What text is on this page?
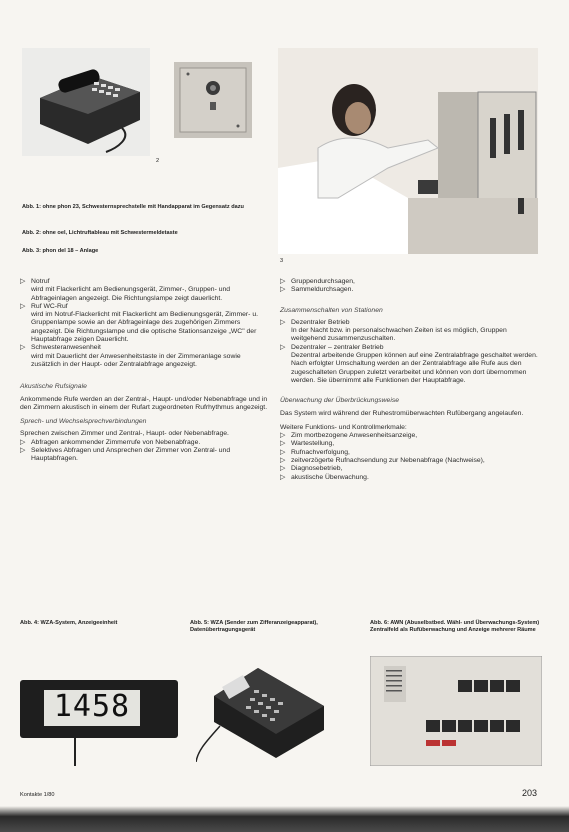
2
3
Abb. 1: ohne phon 23, Schwesternsprechstelle mit Handapparat im Gegensatz dazu
Abb. 2: ohne oel, Lichtruftableau mit Schwestermeldetaste
Abb. 3: phon del 18 – Anlage
▷ Notruf

wird mit Flackerlicht am Bedienungsgerät, Zimmer-, Gruppen- und Abfrageinlagen angezeigt. Die Richtungslampe zeigt dauerlicht.

▷ Ruf WC-Ruf

wird im Notruf-Flackerlicht mit Flackerlicht am Bedienungsgerät, Zimmer- u. Gruppenlampe sowie an der Abfrageinlage des zugehörigen Zimmers angezeigt. Die Richtungslampe und die optische Stationsanzeige „WC" der Hauptabfrage zeigen Dauerlicht.

▷ Schwesteranwesenheit

wird mit Dauerlicht der Anwesenheitstaste in der Zimmeranlage sowie zusätzlich in der Haupt- oder Zentralabfrage angezeigt.

Akustische Rufsignale

Ankommende Rufe werden an der Zentral-, Haupt- und/oder Nebenabfrage und in den Zimmern akustisch in einem der Rufart zugeordneten Rufrhythmus angezeigt.

Sprech- und Wechselsprechverbindungen

Sprechen zwischen Zimmer und Zentral-, Haupt- oder Nebenabfrage.

▷ Abfragen ankommender Zimmerrufe von Nebenabfrage.
▷ Selektives Abfragen und Ansprechen der Zimmer von Zentral- und Hauptabfragen.
▷ Gruppendurchsagen,
▷ Sammeldurchsagen.

Zusammenschalten von Stationen

▷ Dezentraler Betrieb

In der Nacht bzw. in personalschwachen Zeiten ist es möglich, Gruppen weitgehend zusammenzuschalten.

▷ Dezentraler – zentraler Betrieb

Dezentral arbeitende Gruppen können auf eine Zentralabfrage geschaltet werden. Nach erfolgter Umschaltung werden an der Zentralabfrage alle Rufe aus den zugeschalteten Gruppen zuletzt verarbeitet und können von dort übernommen werden. Sie übernimmt alle Funktionen der Hauptabfrage.

Überwachung der Überbrückungsweise

Das System wird während der Ruhestromüberwachten Rufübergang angelaufen.

Weitere Funktions- und Kontrollmerkmale:

▷ Zim mortbezogene Anwesenheitsanzeige,
▷ Wartestellung,
▷ Rufnachverfolgung,
▷ zeitverzögerte Rufnachsendung zur Nebenabfrage (Nachweise),
▷ Diagnosebetrieb,
▷ akustische Überwachung.
Abb. 4: WZA-System, Anzeigeeinheit	Abb. 5: WZA (Sender zum Zifferanzeigeapparat), Datenübertragungsgerät
Abb. 6: AWN (Abuselbstbed. Wähl- und Überwachungs-System) Zentralfeld als Rufüberwachung und Anzeige mehrerer Räume
1458
Kontakte 1/80	203
